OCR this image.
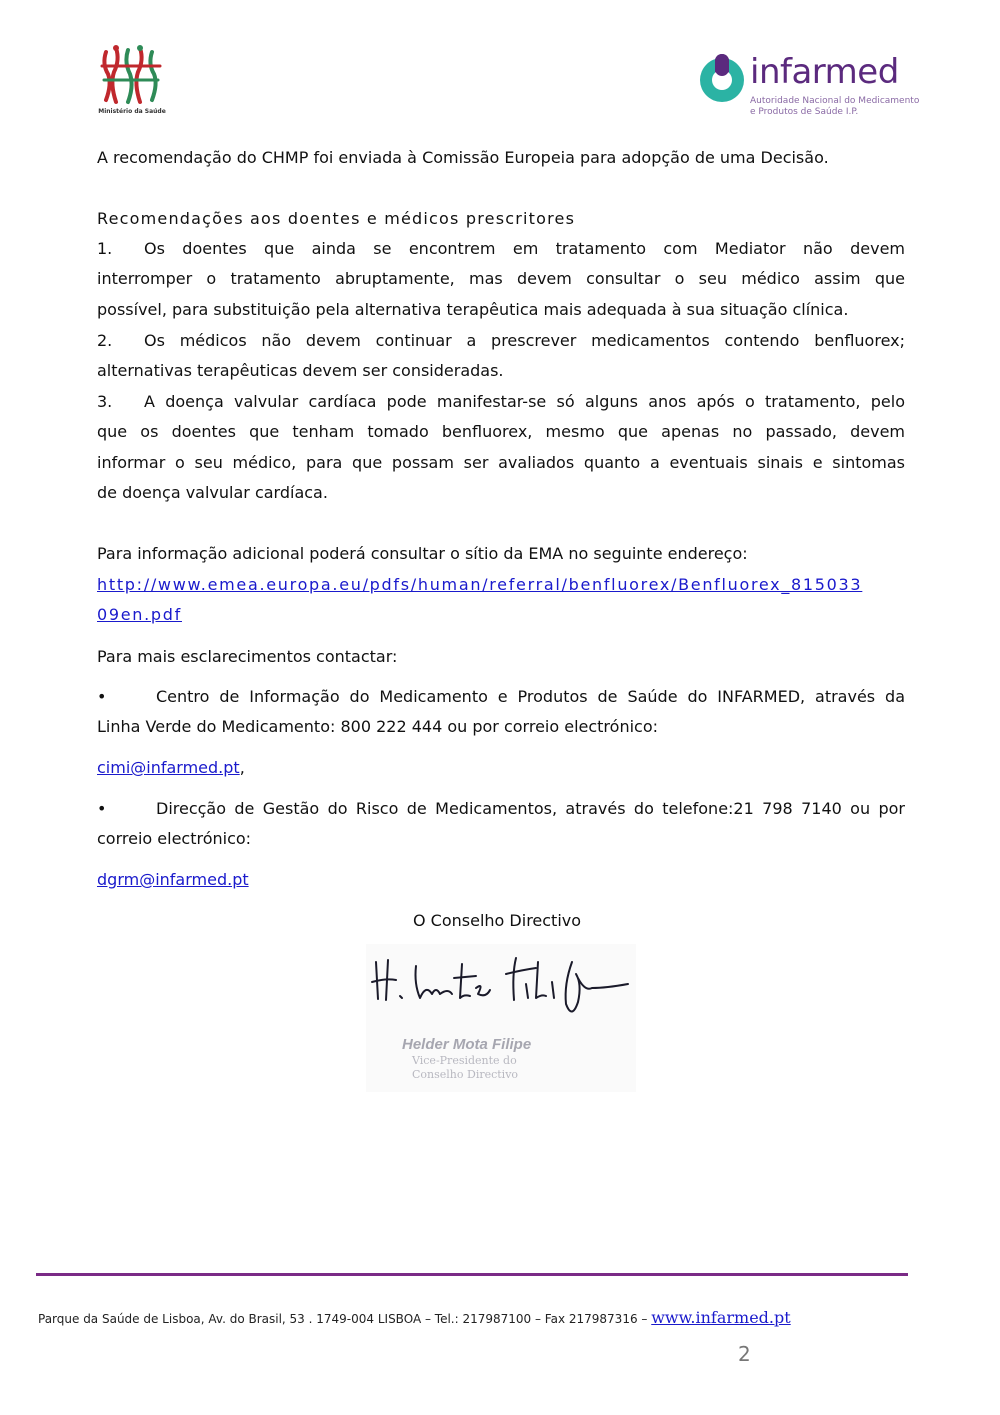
Ministério da Saúde
infarmed
Autoridade Nacional do Medicamento
e Produtos de Saúde I.P.
A recomendação do CHMP foi enviada à Comissão Europeia para adopção de uma Decisão.
Recomendações aos doentes e médicos prescritores
1. Os doentes que ainda se encontrem em tratamento com Mediator não devem
interromper o tratamento abruptamente, mas devem consultar o seu médico assim que
possível, para substituição pela alternativa terapêutica mais adequada à sua situação clínica.
2. Os médicos não devem continuar a prescrever medicamentos contendo benfluorex;
alternativas terapêuticas devem ser consideradas.
3. A doença valvular cardíaca pode manifestar-se só alguns anos após o tratamento, pelo
que os doentes que tenham tomado benfluorex, mesmo que apenas no passado, devem
informar o seu médico, para que possam ser avaliados quanto a eventuais sinais e sintomas
de doença valvular cardíaca.
Para informação adicional poderá consultar o sítio da EMA no seguinte endereço:
http://www.emea.europa.eu/pdfs/human/referral/benfluorex/Benfluorex_815033
09en.pdf
Para mais esclarecimentos contactar:
•	Centro de Informação do Medicamento e Produtos de Saúde do INFARMED, através da
Linha Verde do Medicamento: 800 222 444 ou por correio electrónico:
cimi@infarmed.pt,
•	Direcção de Gestão do Risco de Medicamentos, através do telefone:21 798 7140 ou por
correio electrónico:
dgrm@infarmed.pt
O Conselho Directivo
Helder Mota Filipe
Vice-Presidente do
Conselho Directivo
Parque da Saúde de Lisboa, Av. do Brasil, 53 . 1749-004 LISBOA – Tel.: 217987100 – Fax 217987316 – www.infarmed.pt
2
